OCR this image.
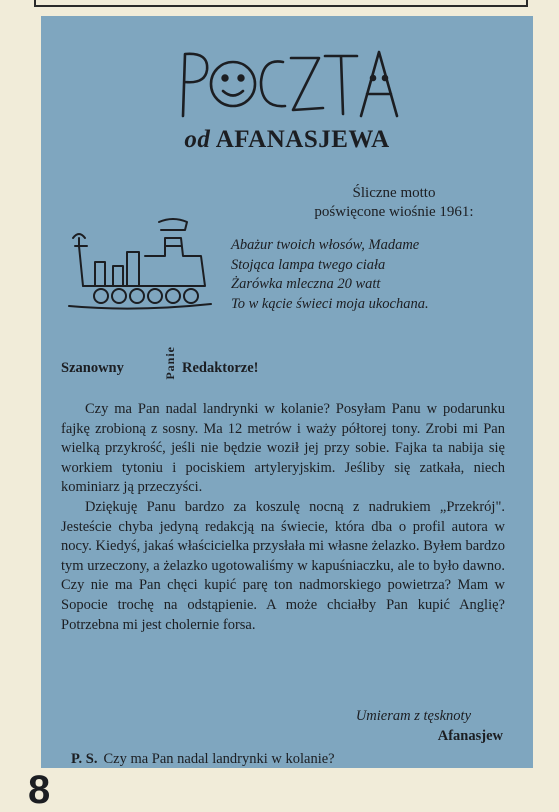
POCZTA
od AFANASJEWA
Śliczne motto
poświęcone wiośnie 1961:
Abażur twoich włosów, Madame
Stojąca lampa twego ciała
Żarówka mleczna 20 watt
To w kącie świeci moja ukochana.
Szanowny	Panie Redaktorze!

Czy ma Pan nadal landrynki w kolanie? Posyłam Panu w podarunku fajkę zrobioną z sosny. Ma 12 metrów i waży półtorej tony. Zrobi mi Pan wielką przykrość, jeśli nie będzie woził jej przy sobie. Fajka ta nabija się workiem tytoniu i pociskiem artyleryjskim. Jeśliby się zatkała, niech kominiarz ją przeczyści.

Dziękuję Panu bardzo za koszulę nocną z nadrukiem „Przekrój". Jesteście chyba jedyną redakcją na świecie, która dba o profil autora w nocy. Kiedyś, jakaś właścicielka przysłała mi własne żelazko. Byłem bardzo tym urzeczony, a żelazko ugotowaliśmy w kapuśniaczku, ale to było dawno. Czy nie ma Pan chęci kupić parę ton nadmorskiego powietrza? Mam w Sopocie trochę na odstąpienie. A może chciałby Pan kupić Anglię? Potrzebna mi jest cholernie forsa.

Umieram z tęsknoty
Afanasjew
P. S. Czy ma Pan nadal landrynki w kolanie?
8
